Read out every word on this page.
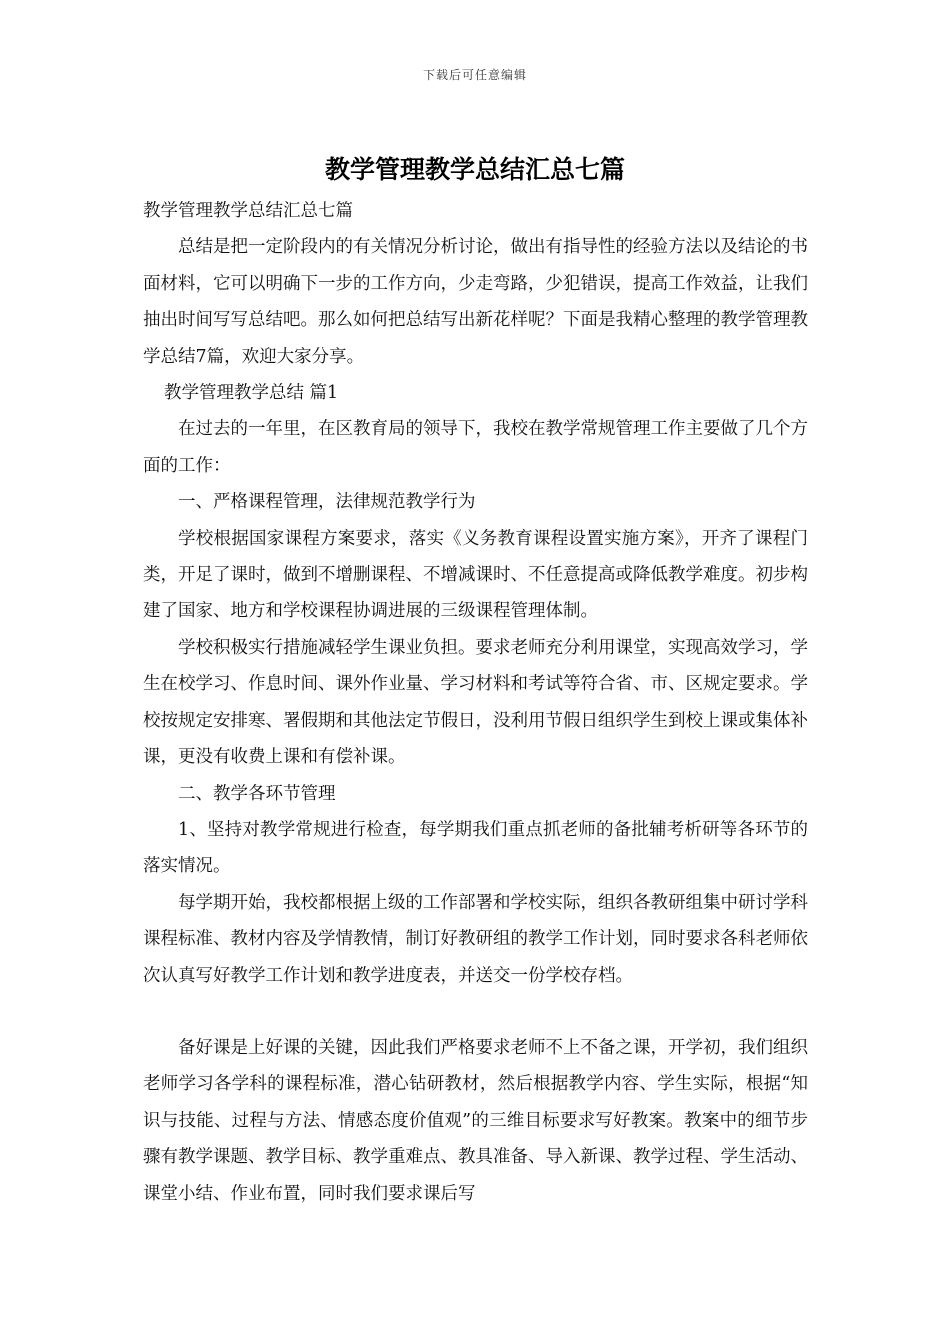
下载后可任意编辑
教学管理教学总结汇总七篇

教学管理教学总结汇总七篇

总结是把一定阶段内的有关情况分析讨论，做出有指导性的经验方法以及结论的书面材料，它可以明确下一步的工作方向，少走弯路，少犯错误，提高工作效益，让我们抽出时间写写总结吧。那么如何把总结写出新花样呢？下面是我精心整理的教学管理教学总结7篇，欢迎大家分享。

教学管理教学总结 篇1

在过去的一年里，在区教育局的领导下，我校在教学常规管理工作主要做了几个方面的工作：

一、严格课程管理，法律规范教学行为

学校根据国家课程方案要求，落实《义务教育课程设置实施方案》，开齐了课程门类，开足了课时，做到不增删课程、不增减课时、不任意提高或降低教学难度。初步构建了国家、地方和学校课程协调进展的三级课程管理体制。

学校积极实行措施减轻学生课业负担。要求老师充分利用课堂，实现高效学习，学生在校学习、作息时间、课外作业量、学习材料和考试等符合省、市、区规定要求。学校按规定安排寒、署假期和其他法定节假日，没利用节假日组织学生到校上课或集体补课，更没有收费上课和有偿补课。

二、教学各环节管理

1、坚持对教学常规进行检查，每学期我们重点抓老师的备批辅考析研等各环节的落实情况。

每学期开始，我校都根据上级的工作部署和学校实际，组织各教研组集中研讨学科课程标准、教材内容及学情教情，制订好教研组的教学工作计划，同时要求各科老师依次认真写好教学工作计划和教学进度表，并送交一份学校存档。

备好课是上好课的关键，因此我们严格要求老师不上不备之课，开学初，我们组织老师学习各学科的课程标准，潜心钻研教材，然后根据教学内容、学生实际，根据“知识与技能、过程与方法、情感态度价值观”的三维目标要求写好教案。教案中的细节步骤有教学课题、教学目标、教学重难点、教具准备、导入新课、教学过程、学生活动、课堂小结、作业布置，同时我们要求课后写
